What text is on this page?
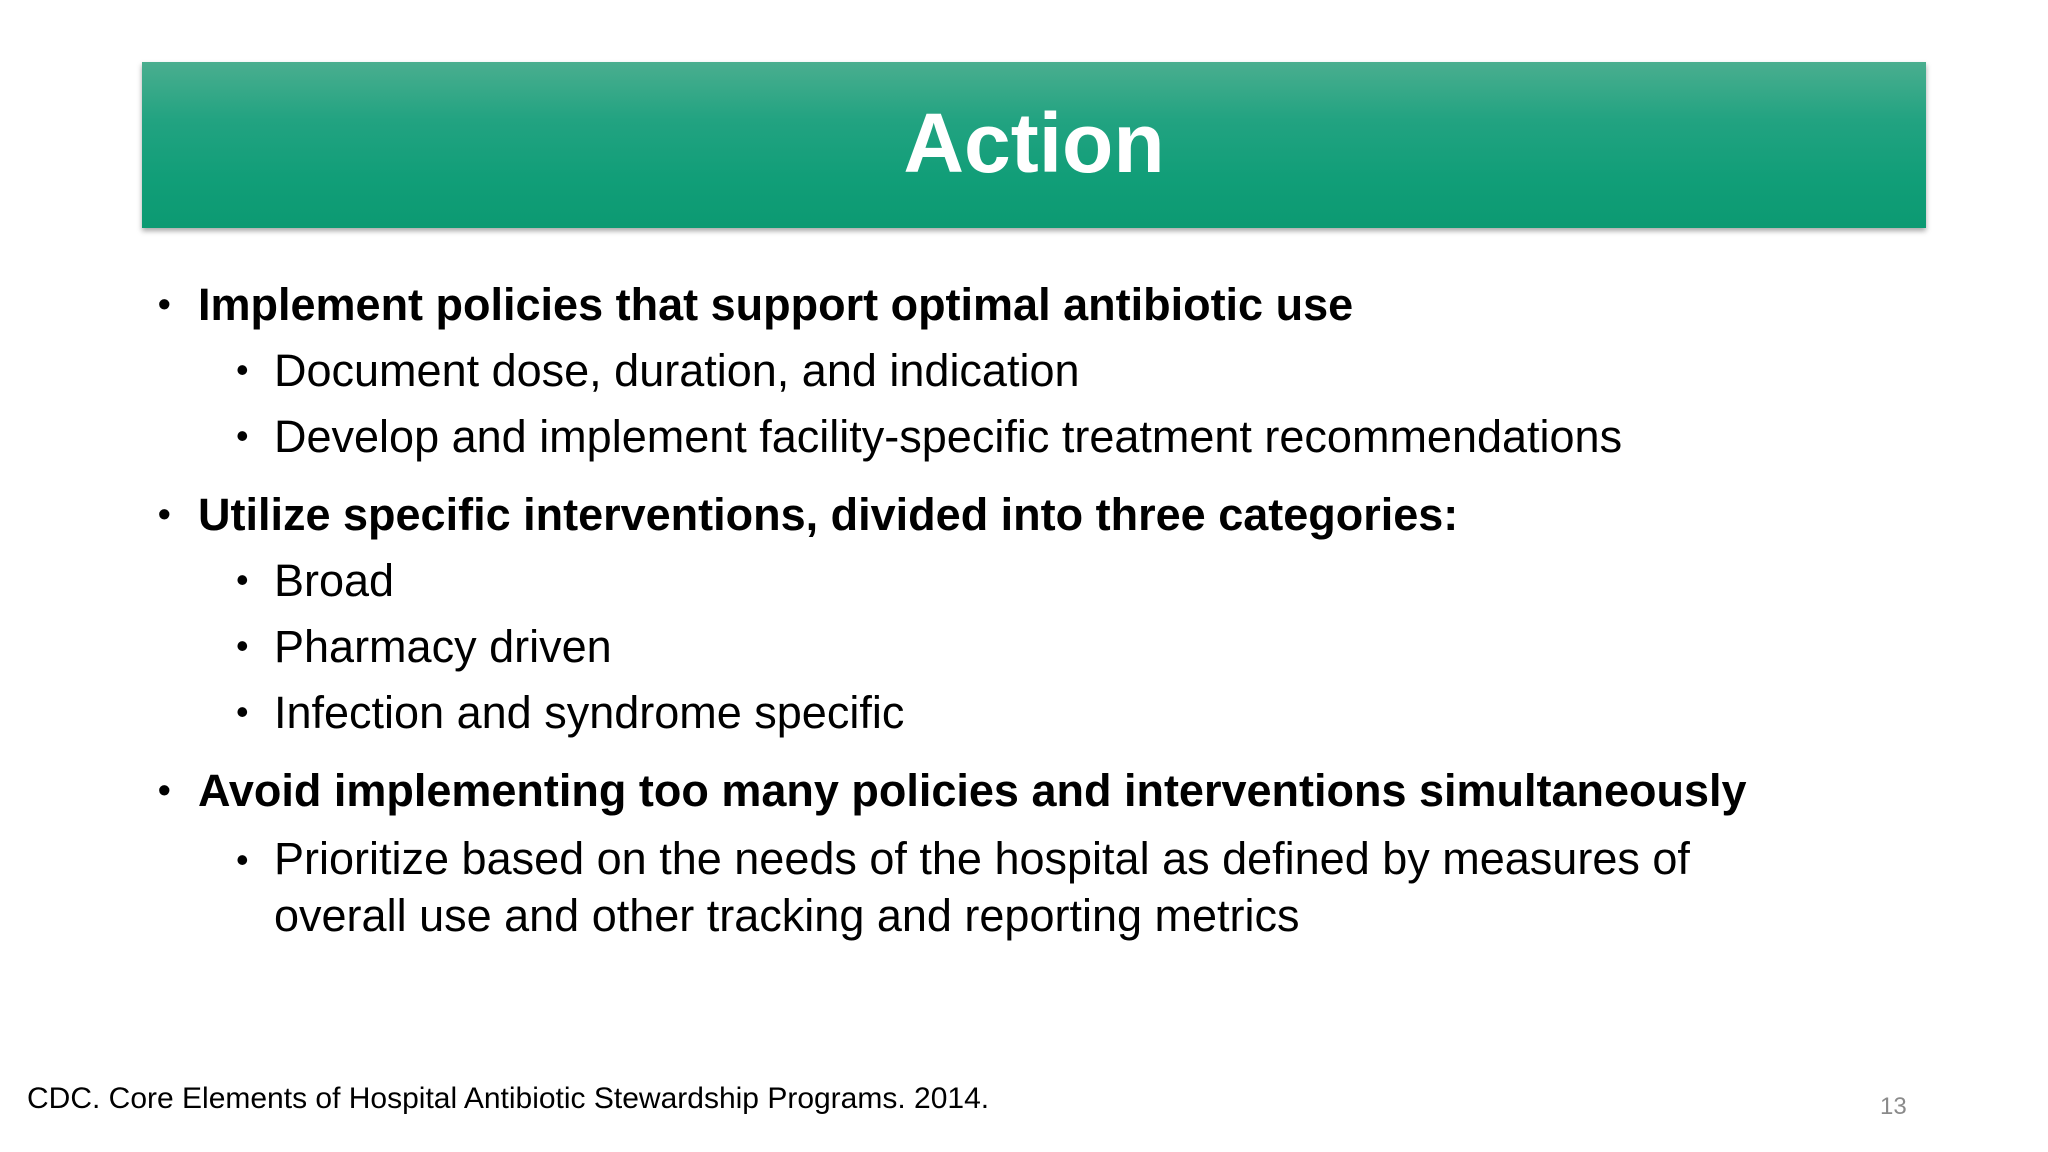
Action
• Implement policies that support optimal antibiotic use
• Document dose, duration, and indication
• Develop and implement facility-specific treatment recommendations
• Utilize specific interventions, divided into three categories:
• Broad
• Pharmacy driven
• Infection and syndrome specific
• Avoid implementing too many policies and interventions simultaneously
• Prioritize based on the needs of the hospital as defined by measures of overall use and other tracking and reporting metrics
CDC. Core Elements of Hospital Antibiotic Stewardship Programs. 2014.	13
